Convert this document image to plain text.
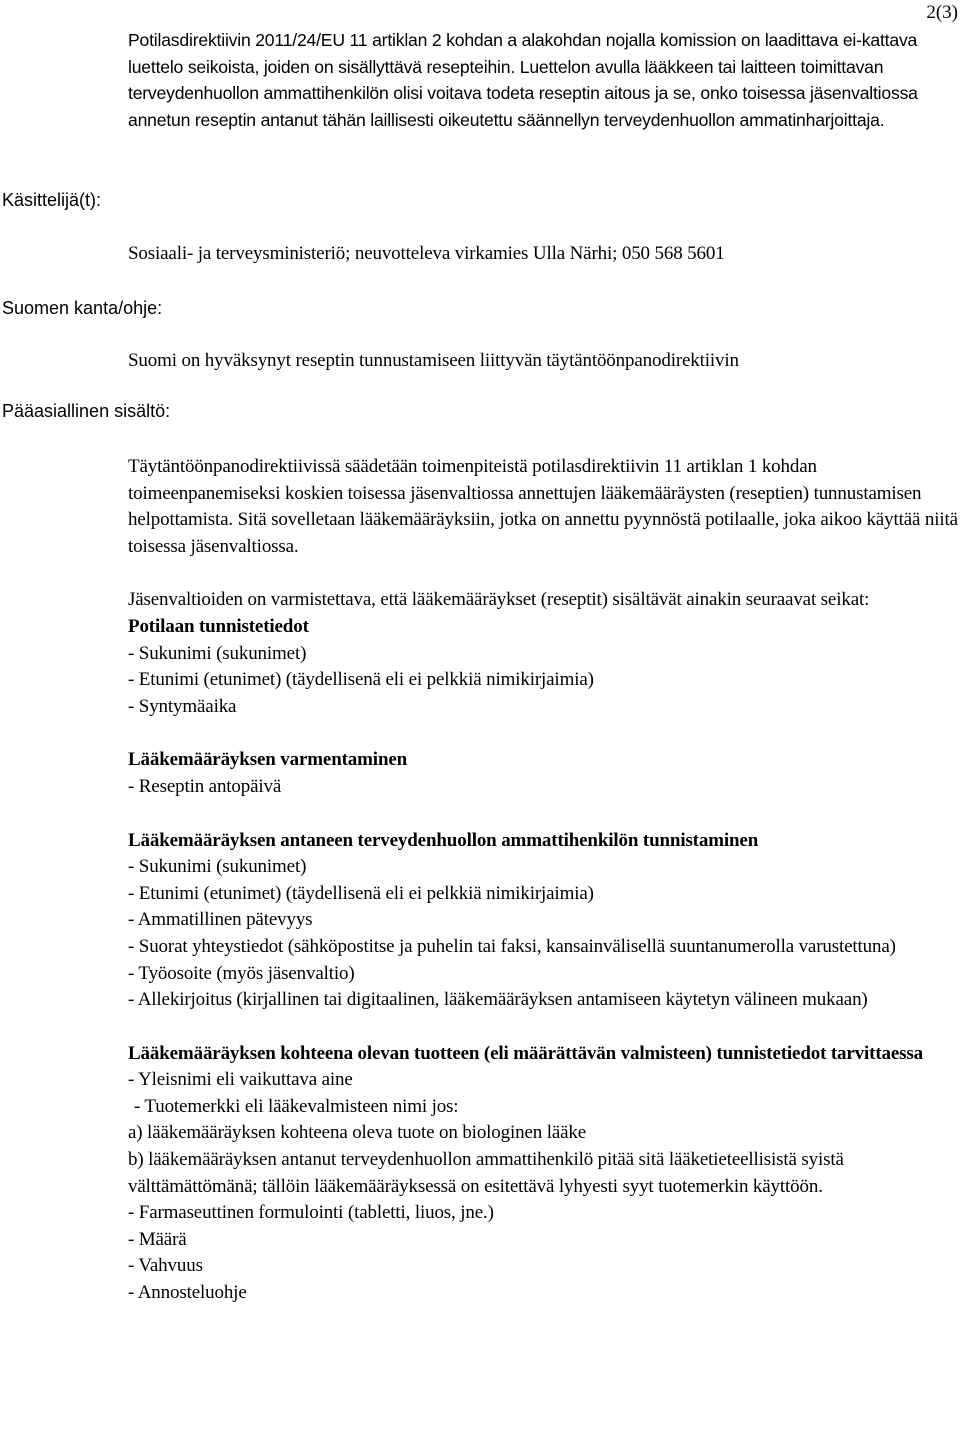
2(3)
Käsittelijä(t):
Suomen kanta/ohje:
Pääasiallinen sisältö:

Potilasdirektiivin 2011/24/EU 11 artiklan 2 kohdan a alakohdan nojalla komission on laadittava ei-kattava luettelo seikoista, joiden on sisällyttävä resepteihin. Luettelon avulla lääkkeen tai laitteen toimittavan terveydenhuollon ammattihenkilön olisi voitava todeta reseptin aitous ja se, onko toisessa jäsenvaltiossa annetun reseptin antanut tähän laillisesti oikeutettu säännellyn terveydenhuollon ammatinharjoittaja.

Sosiaali- ja terveysministeriö; neuvotteleva virkamies Ulla Närhi; 050 568 5601
Suomi on hyväksynyt reseptin tunnustamiseen liittyvän täytäntöönpanodirektiivin

Täytäntöönpanodirektiivissä säädetään toimenpiteistä potilasdirektiivin 11 artiklan 1 kohdan toimeenpanemiseksi koskien toisessa jäsenvaltiossa annettujen lääkemääräysten (reseptien) tunnustamisen helpottamista. Sitä sovelletaan lääkemääräyksiin, jotka on annettu pyynnöstä potilaalle, joka aikoo käyttää niitä toisessa jäsenvaltiossa.

Jäsenvaltioiden on varmistettava, että lääkemääräykset (reseptit) sisältävät ainakin seuraavat seikat:

Potilaan tunnistetiedot

- Sukunimi (sukunimet)

- Etunimi (etunimet) (täydellisenä eli ei pelkkiä nimikirjaimia)

- Syntymäaika

Lääkemääräyksen varmentaminen

- Reseptin antopäivä

Lääkemääräyksen antaneen terveydenhuollon ammattihenkilön tunnistaminen

- Sukunimi (sukunimet)

- Etunimi (etunimet) (täydellisenä eli ei pelkkiä nimikirjaimia)

- Ammatillinen pätevyys

- Suorat yhteystiedot (sähköpostitse ja puhelin tai faksi, kansainvälisellä suuntanumerolla varustettuna)

- Työosoite (myös jäsenvaltio)

- Allekirjoitus (kirjallinen tai digitaalinen, lääkemääräyksen antamiseen käytetyn välineen mukaan)

Lääkemääräyksen kohteena olevan tuotteen (eli määrättävän valmisteen) tunnistetiedot tarvittaessa

- Yleisnimi eli vaikuttava aine

- Tuotemerkki eli lääkevalmisteen nimi jos:

a) lääkemääräyksen kohteena oleva tuote on biologinen lääke

b) lääkemääräyksen antanut terveydenhuollon ammattihenkilö pitää sitä lääketieteellisistä syistä välttämättömänä; tällöin lääkemääräyksessä on esitettävä lyhyesti syyt tuotemerkin käyttöön.

- Farmaseuttinen formulointi (tabletti, liuos, jne.)

- Määrä

- Vahvuus

- Annosteluohje
